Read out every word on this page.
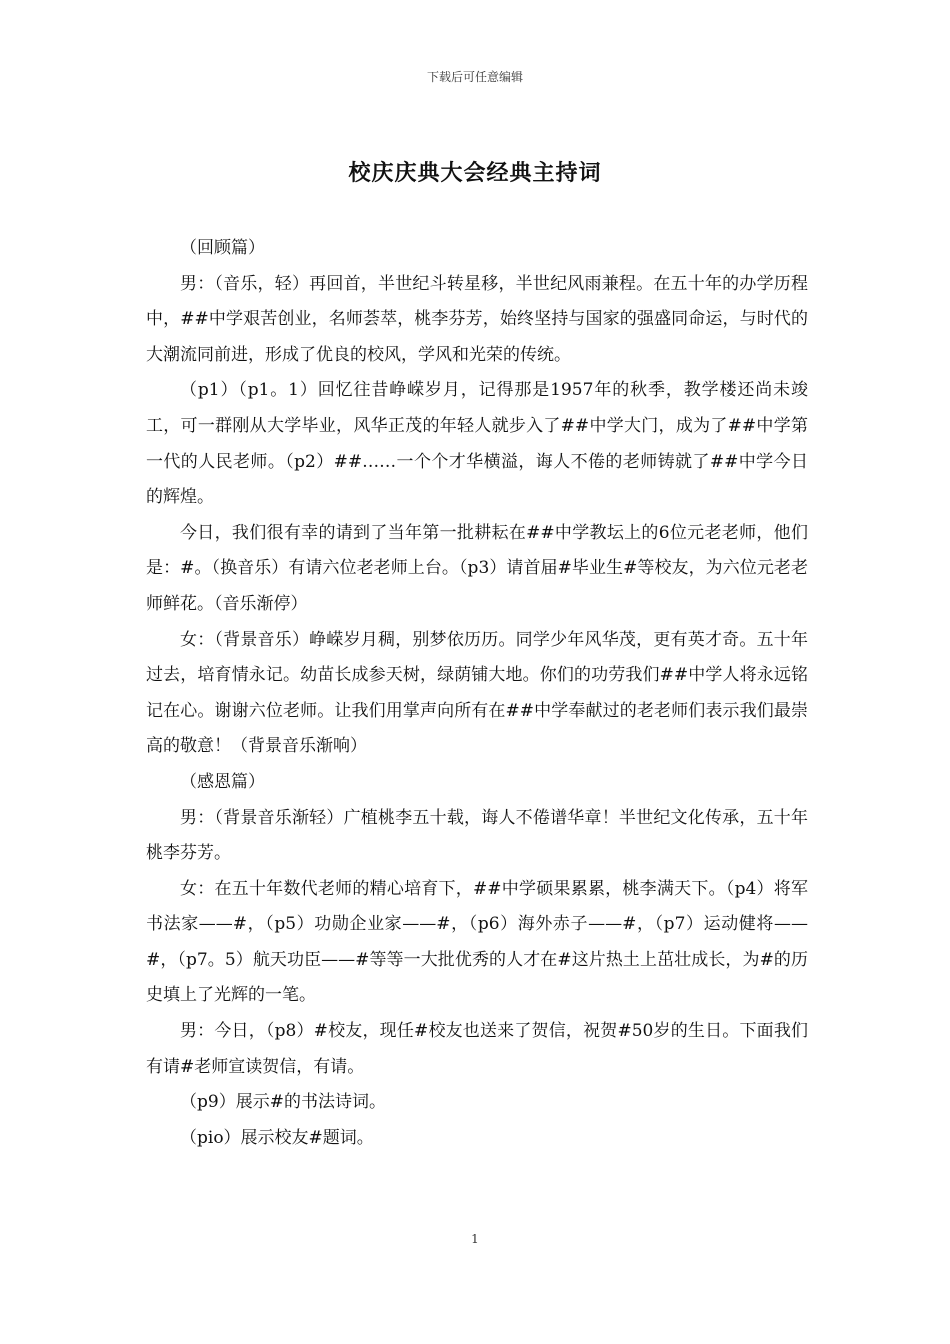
下载后可任意编辑
校庆庆典大会经典主持词

（回顾篇）

男：（音乐，轻）再回首，半世纪斗转星移，半世纪风雨兼程。在五十年的办学历程中，##中学艰苦创业，名师荟萃，桃李芬芳，始终坚持与国家的强盛同命运，与时代的大潮流同前进，形成了优良的校风，学风和光荣的传统。

（p1）（p1。1）回忆往昔峥嵘岁月，记得那是1957年的秋季，教学楼还尚未竣工，可一群刚从大学毕业，风华正茂的年轻人就步入了##中学大门，成为了##中学第一代的人民老师。（p2）##……一个个才华横溢，诲人不倦的老师铸就了##中学今日的辉煌。

今日，我们很有幸的请到了当年第一批耕耘在##中学教坛上的6位元老老师，他们是：#。（换音乐）有请六位老老师上台。（p3）请首届#毕业生#等校友，为六位元老老师鲜花。（音乐渐停）

女：（背景音乐）峥嵘岁月稠，别梦依历历。同学少年风华茂，更有英才奇。五十年过去，培育情永记。幼苗长成参天树，绿荫铺大地。你们的功劳我们##中学人将永远铭记在心。谢谢六位老师。让我们用掌声向所有在##中学奉献过的老老师们表示我们最崇高的敬意！（背景音乐渐响）

（感恩篇）

男：（背景音乐渐轻）广植桃李五十载，诲人不倦谱华章！半世纪文化传承，五十年桃李芬芳。

女：在五十年数代老师的精心培育下，##中学硕果累累，桃李满天下。（p4）将军书法家——#，（p5）功勋企业家——#，（p6）海外赤子——#，（p7）运动健将——#，（p7。5）航天功臣——#等等一大批优秀的人才在#这片热土上茁壮成长，为#的历史填上了光辉的一笔。

男：今日，（p8）#校友，现任#校友也送来了贺信，祝贺#50岁的生日。下面我们有请#老师宣读贺信，有请。

（p9）展示#的书法诗词。

（pio）展示校友#题词。

1
